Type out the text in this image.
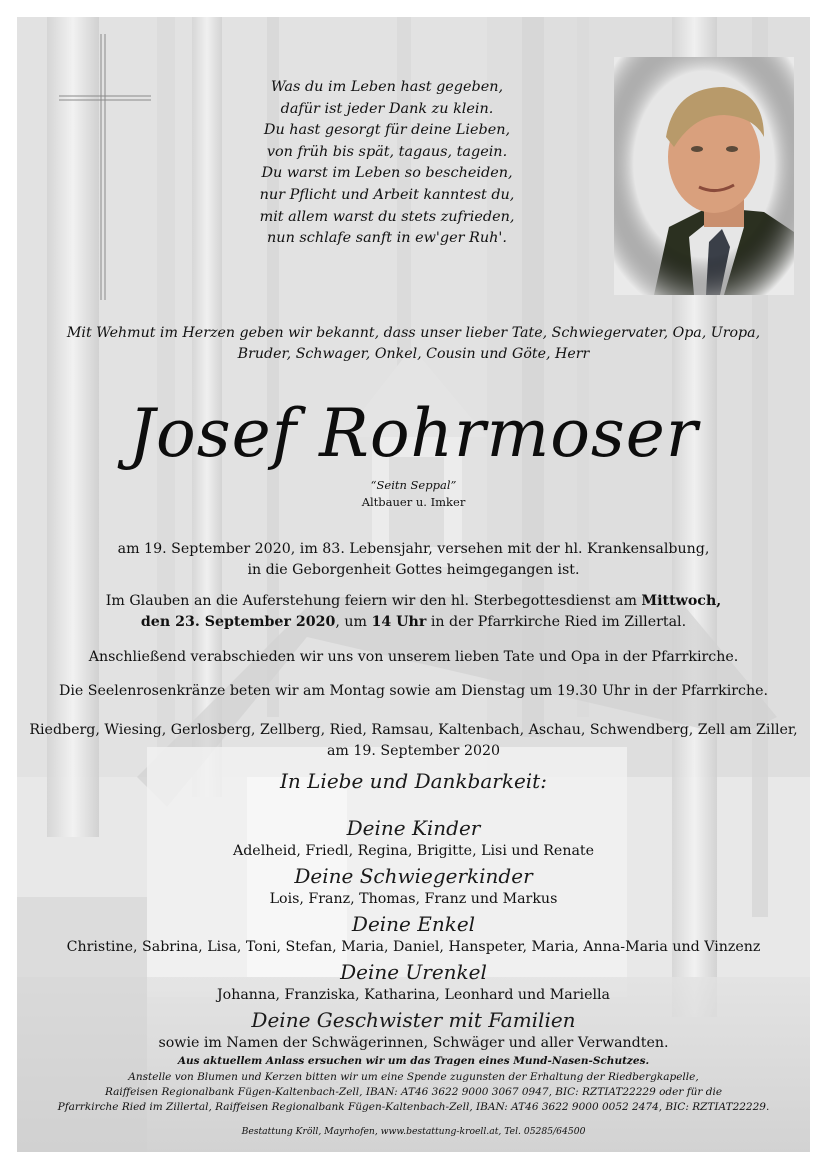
Was du im Leben hast gegeben,
dafür ist jeder Dank zu klein.
Du hast gesorgt für deine Lieben,
von früh bis spät, tagaus, tagein.
Du warst im Leben so bescheiden,
nur Pflicht und Arbeit kanntest du,
mit allem warst du stets zufrieden,
nun schlafe sanft in ew'ger Ruh'.
Mit Wehmut im Herzen geben wir bekannt, dass unser lieber Tate, Schwiegervater, Opa, Uropa,
Bruder, Schwager, Onkel, Cousin und Göte, Herr
Josef Rohrmoser
“Seitn Seppal”
Altbauer u. Imker
am 19. September 2020, im 83. Lebensjahr, versehen mit der hl. Krankensalbung,
in die Geborgenheit Gottes heimgegangen ist.
Im Glauben an die Auferstehung feiern wir den hl. Sterbegottesdienst am Mittwoch,
den 23. September 2020, um 14 Uhr in der Pfarrkirche Ried im Zillertal.
Anschließend verabschieden wir uns von unserem lieben Tate und Opa in der Pfarrkirche.
Die Seelenrosenkränze beten wir am Montag sowie am Dienstag um 19.30 Uhr in der Pfarrkirche.
Riedberg, Wiesing, Gerlosberg, Zellberg, Ried, Ramsau, Kaltenbach, Aschau, Schwendberg, Zell am Ziller,
am 19. September 2020
In Liebe und Dankbarkeit:
Deine Kinder
Adelheid, Friedl, Regina, Brigitte, Lisi und Renate
Deine Schwiegerkinder
Lois, Franz, Thomas, Franz und Markus
Deine Enkel
Christine, Sabrina, Lisa, Toni, Stefan, Maria, Daniel, Hanspeter, Maria, Anna-Maria und Vinzenz
Deine Urenkel
Johanna, Franziska, Katharina, Leonhard und Mariella
Deine Geschwister mit Familien
sowie im Namen der Schwägerinnen, Schwäger und aller Verwandten.
Aus aktuellem Anlass ersuchen wir um das Tragen eines Mund-Nasen-Schutzes.
Anstelle von Blumen und Kerzen bitten wir um eine Spende zugunsten der Erhaltung der Riedbergkapelle,
Raiffeisen Regionalbank Fügen-Kaltenbach-Zell, IBAN: AT46 3622 9000 3067 0947, BIC: RZTIAT22229 oder für die
Pfarrkirche Ried im Zillertal, Raiffeisen Regionalbank Fügen-Kaltenbach-Zell, IBAN: AT46 3622 9000 0052 2474, BIC: RZTIAT22229.
Bestattung Kröll, Mayrhofen, www.bestattung-kroell.at, Tel. 05285/64500
